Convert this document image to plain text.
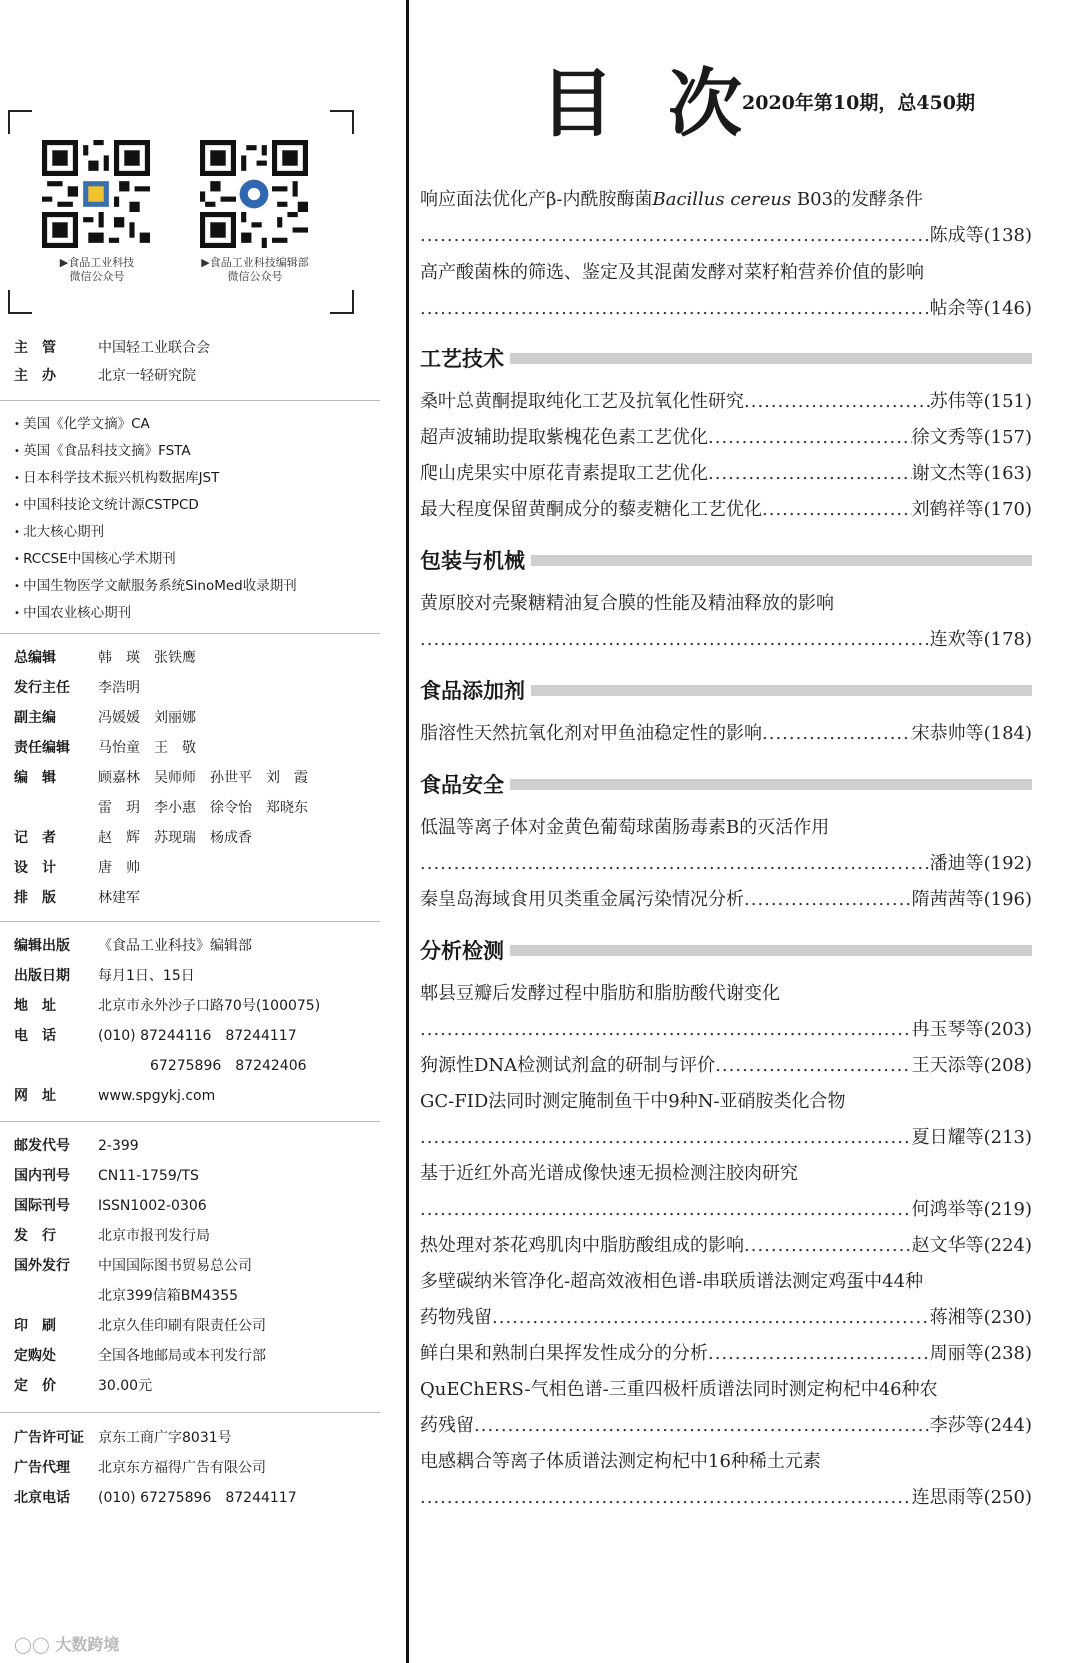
▶食品工业科技
微信公众号
▶食品工业科技编辑部
微信公众号
主　管	中国轻工业联合会
主　办	北京一轻研究院
• 美国《化学文摘》CA
• 英国《食品科技文摘》FSTA
• 日本科学技术振兴机构数据库JST
• 中国科技论文统计源CSTPCD
• 北大核心期刊
• RCCSE中国核心学术期刊
• 中国生物医学文献服务系统SinoMed收录期刊
• 中国农业核心期刊
总编辑	韩　瑛　张铁鹰
发行主任 李浩明
副主编	冯媛媛　刘丽娜
责任编辑 马怡童　王　敬
编　辑	顾嘉林　吴师师　孙世平　刘　霞
雷　玥　李小惠　徐令怡　郑晓东
记　者	赵　辉　苏现瑞　杨成香
设　计	唐　帅
排　版	林建军
编辑出版 《食品工业科技》编辑部
出版日期 每月1日、15日
地　址	北京市永外沙子口路70号(100075)
电　话	(010) 87244116　87244117
67275896　87242406
网　址	www.spgykj.com
邮发代号 2-399
国内刊号 CN11-1759/TS
国际刊号 ISSN1002-0306
发　行	北京市报刊发行局
国外发行 中国国际图书贸易总公司
北京399信箱BM4355
印　刷	北京久佳印刷有限责任公司
定购处	全国各地邮局或本刊发行部
定　价	30.00元
广告许可证 京东工商广字8031号
广告代理 北京东方福得广告有限公司
北京电话 (010) 67275896　87244117
◯◯ 大数跨境
目次
2020年第10期，总450期
响应面法优化产β-内酰胺酶菌Bacillus cereus B03的发酵条件
.....
陈成等(138)
高产酸菌株的筛选、鉴定及其混菌发酵对菜籽粕营养价值的影响
.....
帖余等(146)
工艺技术
桑叶总黄酮提取纯化工艺及抗氧化性研究 .....	苏伟等(151)
超声波辅助提取紫槐花色素工艺优化 .....	徐文秀等(157)
爬山虎果实中原花青素提取工艺优化 .....	谢文杰等(163)
最大程度保留黄酮成分的藜麦糖化工艺优化 .....	刘鹤祥等(170)
包装与机械
黄原胶对壳聚糖精油复合膜的性能及精油释放的影响
.....
连欢等(178)
食品添加剂
脂溶性天然抗氧化剂对甲鱼油稳定性的影响 .....	宋恭帅等(184)
食品安全
低温等离子体对金黄色葡萄球菌肠毒素B的灭活作用
.....
潘迪等(192)
秦皇岛海域食用贝类重金属污染情况分析 .....	隋茜茜等(196)
分析检测
郫县豆瓣后发酵过程中脂肪和脂肪酸代谢变化
.....
冉玉琴等(203)
狗源性DNA检测试剂盒的研制与评价 .....	王天添等(208)
GC-FID法同时测定腌制鱼干中9种N-亚硝胺类化合物
.....
夏日耀等(213)
基于近红外高光谱成像快速无损检测注胶肉研究
.....
何鸿举等(219)
热处理对茶花鸡肌肉中脂肪酸组成的影响 .....	赵文华等(224)
多壁碳纳米管净化-超高效液相色谱-串联质谱法测定鸡蛋中44种
药物残留 .....	蒋湘等(230)
鲜白果和熟制白果挥发性成分的分析 .....	周丽等(238)
QuEChERS-气相色谱-三重四极杆质谱法同时测定枸杞中46种农
药残留 .....	李莎等(244)
电感耦合等离子体质谱法测定枸杞中16种稀土元素
.....
连思雨等(250)
